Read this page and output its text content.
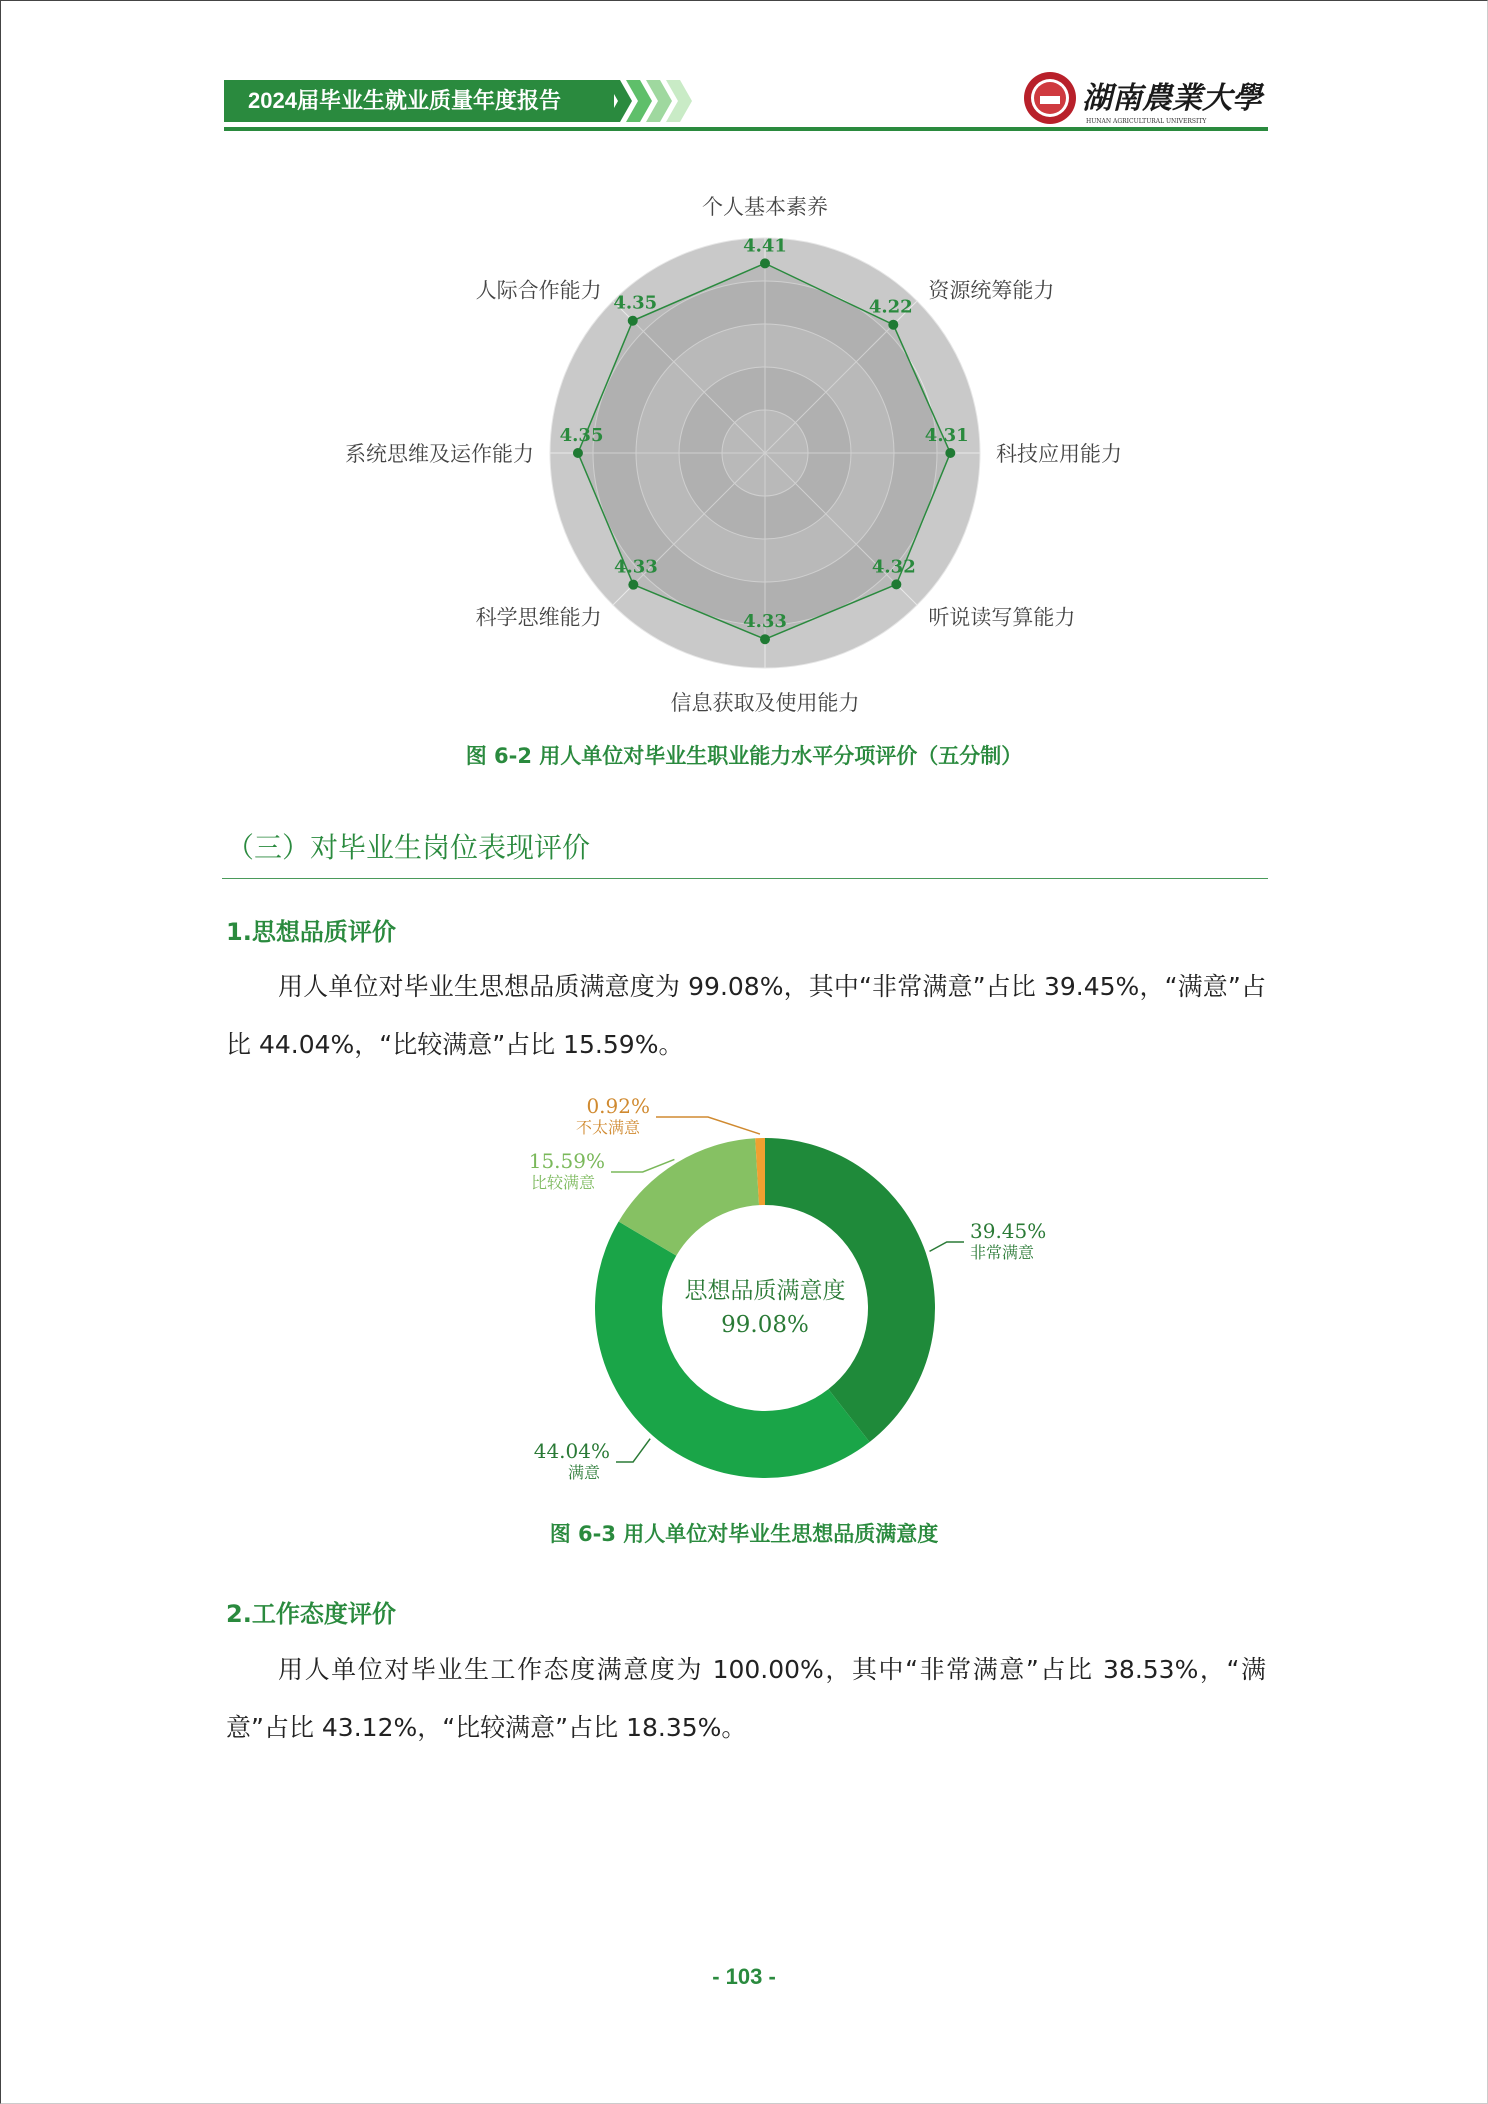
2024届毕业生就业质量年度报告	湖南農業大學
HUNAN AGRICULTURAL UNIVERSITY
4.41
4.22
4.31
4.32
4.33
4.33
4.35
4.35
个人基本素养
资源统筹能力
科技应用能力
听说读写算能力
信息获取及使用能力
科学思维能力
系统思维及运作能力
人际合作能力
图 6-2 用人单位对毕业生职业能力水平分项评价（五分制）
（三）对毕业生岗位表现评价
1.思想品质评价
用人单位对毕业生思想品质满意度为 99.08%，其中“非常满意”占比 39.45%，“满意”占比 44.04%，“比较满意”占比 15.59%。
思想品质满意度
99.08%
39.45%
非常满意
44.04%
满意
15.59%
比较满意
0.92%
不太满意
图 6-3 用人单位对毕业生思想品质满意度
2.工作态度评价
用人单位对毕业生工作态度满意度为 100.00%，其中“非常满意”占比 38.53%，“满意”占比 43.12%，“比较满意”占比 18.35%。
- 103 -
